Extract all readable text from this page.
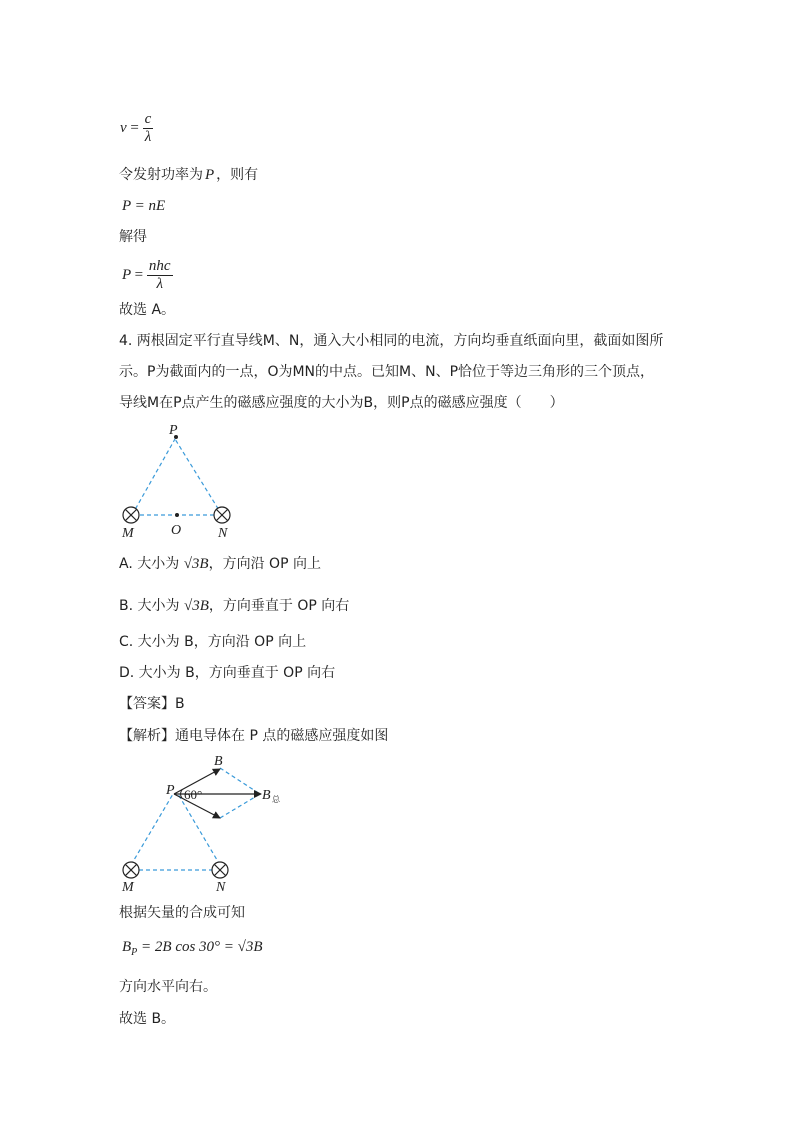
$\nu = \frac{c}{\lambda}$
令发射功率为 P ，则有
P = nE
解得
$P = \frac{\text{nhc}}{\lambda}$
故选 A。
4. 两根固定平行直导线M、N，通入大小相同的电流，方向均垂直纸面向里，截面如图所
示。P为截面内的一点，O为MN的中点。已知M、N、P恰位于等边三角形的三个顶点，
导线M在P点产生的磁感应强度的大小为B，则P点的磁感应强度（　　）
P
M	O	N
A. 大小为 √3B，方向沿 OP 向上
B. 大小为 √3B，方向垂直于 OP 向右
C. 大小为 B，方向沿 OP 向上
D. 大小为 B，方向垂直于 OP 向右
【答案】B
【解析】通电导体在 P 点的磁感应强度如图
P 60°
B
B 总
M	N
根据矢量的合成可知
$B_P = 2B$ cos 30° = √3B
方向水平向右。
故选 B。
